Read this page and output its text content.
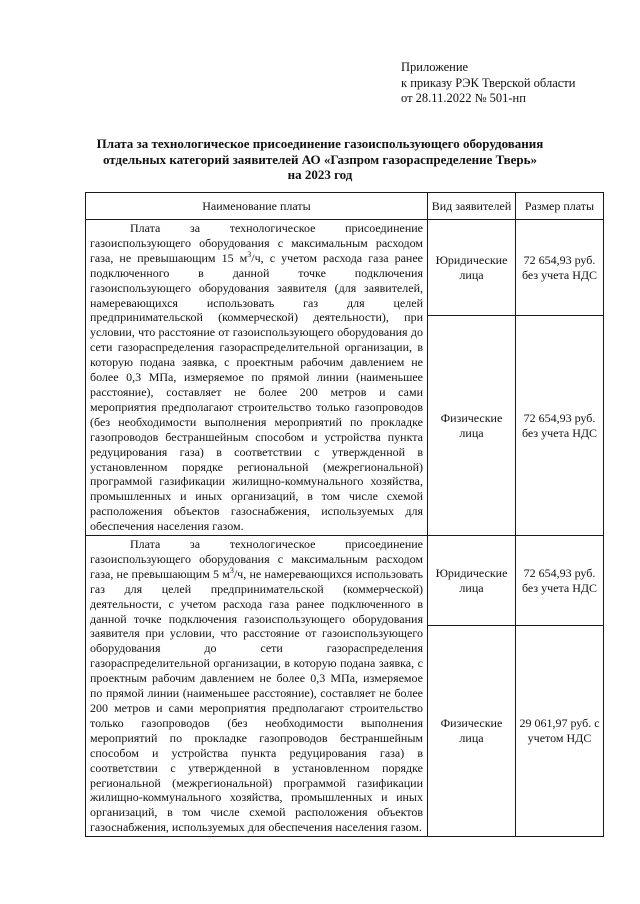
Приложение
к приказу РЭК Тверской области
от 28.11.2022 № 501-нп
Плата за технологическое присоединение газоиспользующего оборудования
отдельных категорий заявителей АО «Газпром газораспределение Тверь»
на 2023 год
Наименование платы	Вид заявителей	Размер платы

Плата за технологическое присоединение газоиспользующего оборудования с максимальным расходом газа, не превышающим 15 $м^3/ч$, с учетом расхода газа ранее подключенного в данной точке подключения газоиспользующего оборудования заявителя (для заявителей, намеревающихся использовать газ для целей предпринимательской (коммерческой) деятельности), при условии, что расстояние от газоиспользующего оборудования до сети газораспределения газораспределительной организации, в которую подана заявка, с проектным рабочим давлением не более 0,3 МПа, измеряемое по прямой линии (наименьшее расстояние), составляет не более 200 метров и сами мероприятия предполагают строительство только газопроводов (без необходимости выполнения мероприятий по прокладке газопроводов бестраншейным способом и устройства пункта редуцирования газа) в соответствии с утвержденной в установленном порядке региональной (межрегиональной) программой газификации жилищно-коммунального хозяйства, промышленных и иных организаций, в том числе схемой расположения объектов газоснабжения, используемых для обеспечения населения газом.	Юридические лица	72 654,93 руб. без учета НДС
	Физические лица	72 654,93 руб. без учета НДС

Плата за технологическое присоединение газоиспользующего оборудования с максимальным расходом газа, не превышающим 5 $м^3/ч$, не намеревающихся использовать газ для целей предпринимательской (коммерческой) деятельности, с учетом расхода газа ранее подключенного в данной точке подключения газоиспользующего оборудования заявителя при условии, что расстояние от газоиспользующего оборудования до сети газораспределения газораспределительной организации, в которую подана заявка, с проектным рабочим давлением не более 0,3 МПа, измеряемое по прямой линии (наименьшее расстояние), составляет не более 200 метров и сами мероприятия предполагают строительство только газопроводов (без необходимости выполнения мероприятий по прокладке газопроводов бестраншейным способом и устройства пункта редуцирования газа) в соответствии с утвержденной в установленном порядке региональной (межрегиональной) программой газификации жилищно-коммунального хозяйства, промышленных и иных организаций, в том числе схемой расположения объектов газоснабжения, используемых для обеспечения населения газом.	Юридические лица	72 654,93 руб. без учета НДС
	Физические лица	29 061,97 руб. с учетом НДС
